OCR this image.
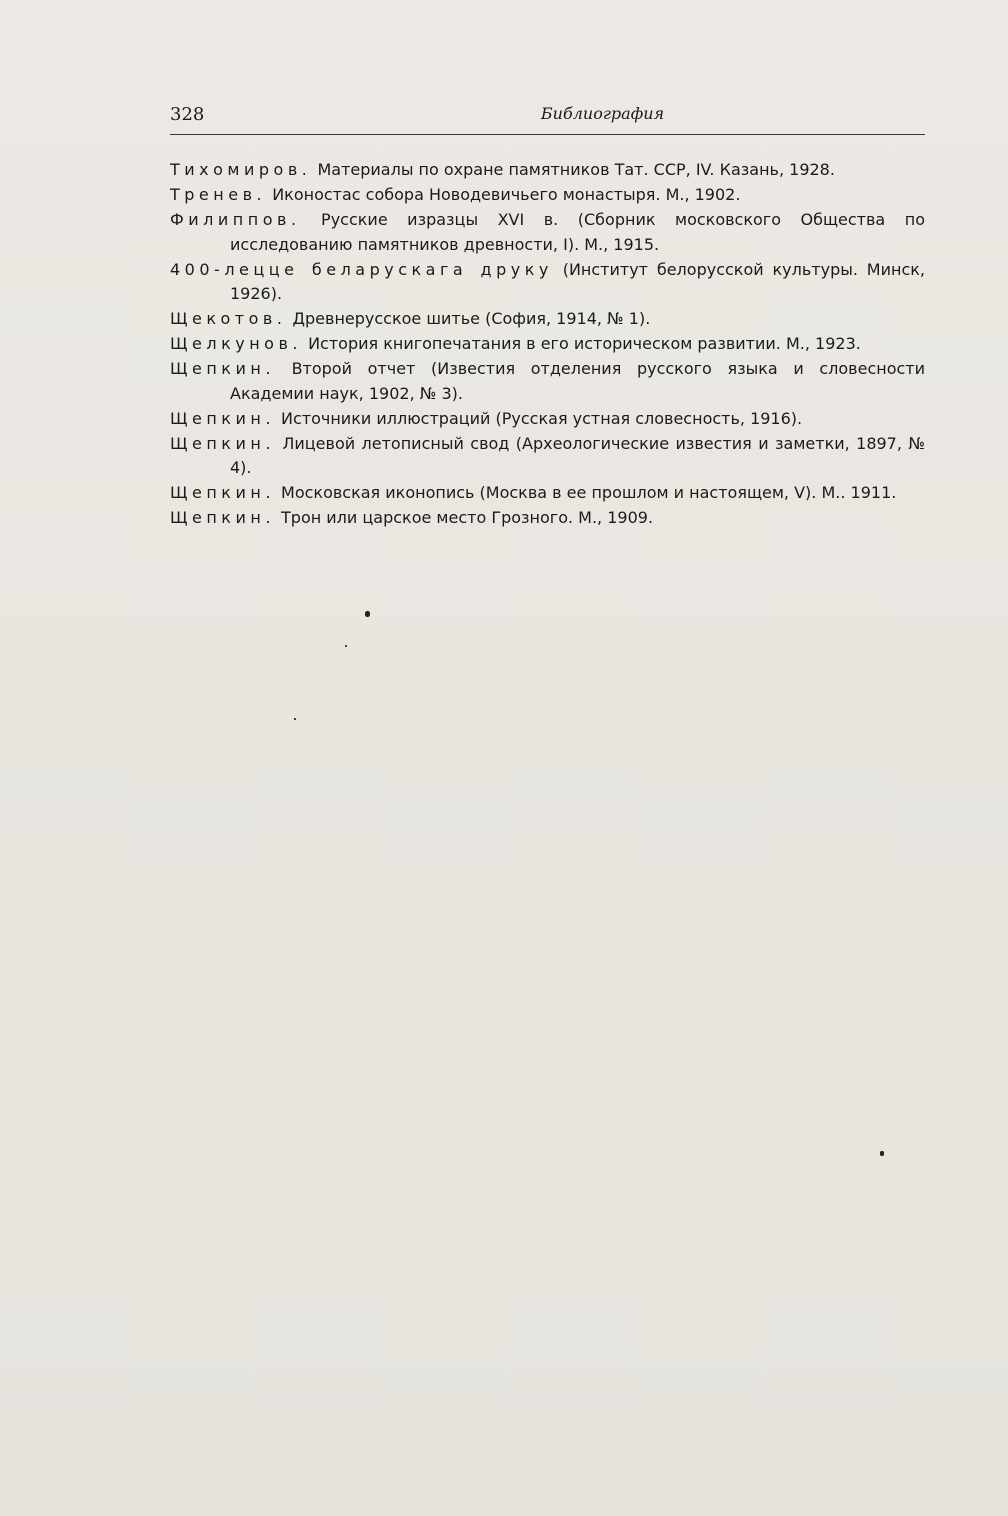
328	Библиография
Тихомиров. Материалы по охране памятников Тат. ССР, IV. Казань, 1928.
Тренев. Иконостас собора Новодевичьего монастыря. М., 1902.
Филиппов. Русские изразцы XVI в. (Сборник московского Общества по исследованию памятников древности, I). М., 1915.
400-леццe беларускага друку (Институт белорусской культуры. Минск, 1926).
Щекотов. Древнерусское шитье (София, 1914, № 1).
Щелкунов. История книгопечатания в его историческом развитии. М., 1923.
Щепкин. Второй отчет (Известия отделения русского языка и словесности Академии наук, 1902, № 3).
Щепкин. Источники иллюстраций (Русская устная словесность, 1916).
Щепкин. Лицевой летописный свод (Археологические известия и заметки, 1897, № 4).
Щепкин. Московская иконопись (Москва в ее прошлом и настоящем, V). М.. 1911.
Щепкин. Трон или царское место Грозного. М., 1909.
